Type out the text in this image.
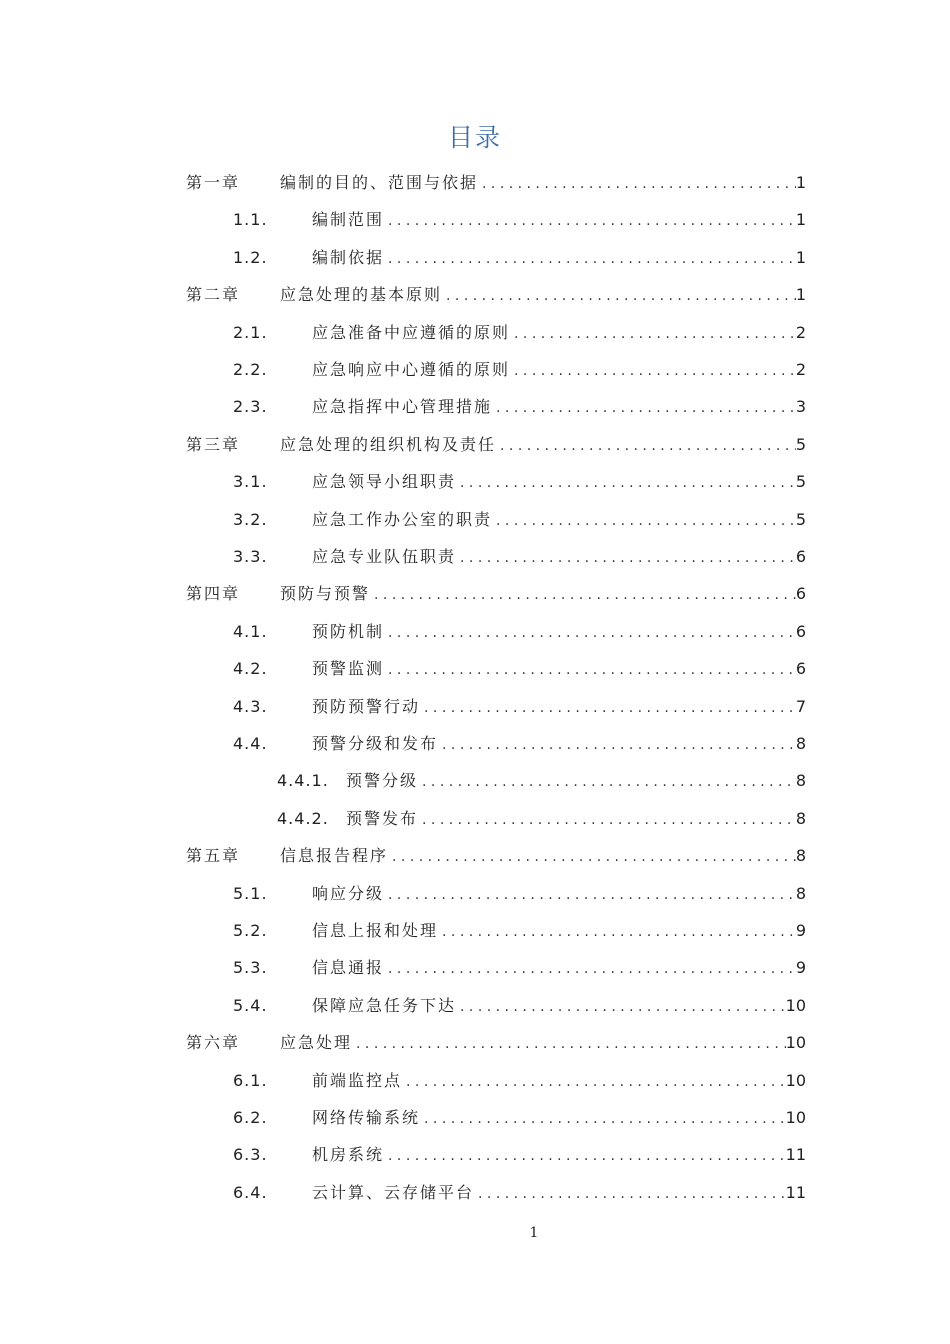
目录
第一章 编制的目的、范围与依据 . . .	1
1.1.	编制范围 . . .	1
1.2.	编制依据 . . .	1
第二章 应急处理的基本原则 . . .	1
2.1.	应急准备中应遵循的原则 . . .	2
2.2.	应急响应中心遵循的原则 . . .	2
2.3.	应急指挥中心管理措施 . . .	3
第三章 应急处理的组织机构及责任 . . .	5
3.1.	应急领导小组职责 . . .	5
3.2.	应急工作办公室的职责 . . .	5
3.3.	应急专业队伍职责 . . .	6
第四章 预防与预警 . . .	6
4.1.	预防机制 . . .	6
4.2.	预警监测 . . .	6
4.3.	预防预警行动 . . .	7
4.4.	预警分级和发布 . . .	8
4.4.1. 预警分级 . . .	8
4.4.2. 预警发布 . . .	8
第五章 信息报告程序 . . .	8
5.1.	响应分级 . . .	8
5.2.	信息上报和处理 . . .	9
5.3.	信息通报 . . .	9
5.4.	保障应急任务下达 . . .	10
第六章 应急处理 . . .	10
6.1.	前端监控点 . . .	10
6.2.	网络传输系统 . . .	10
6.3.	机房系统 . . .	11
6.4.	云计算、云存储平台 . . .	11
1
